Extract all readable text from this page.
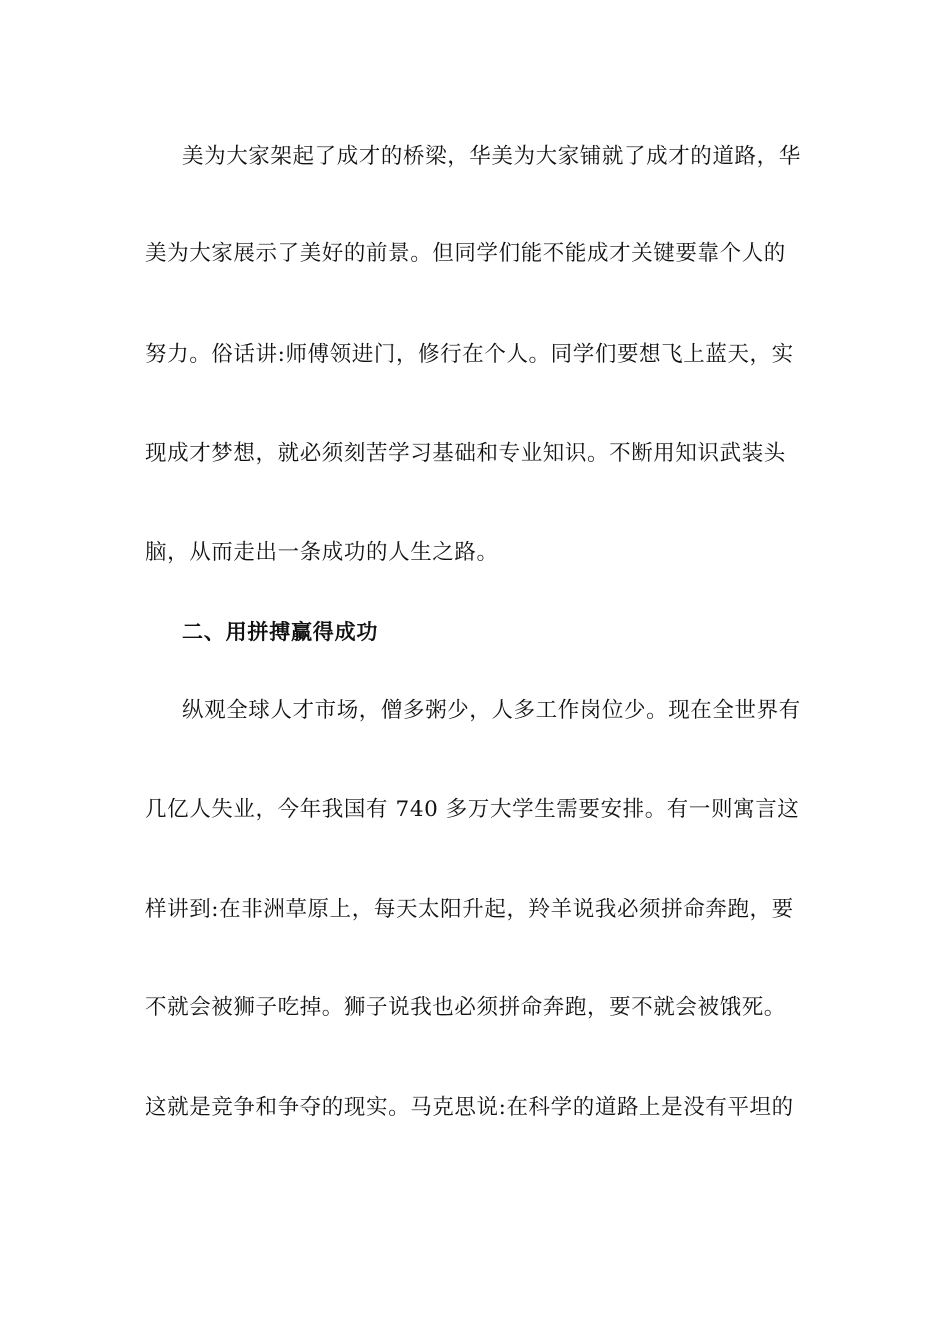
美为大家架起了成才的桥梁，华美为大家铺就了成才的道路，华
美为大家展示了美好的前景。但同学们能不能成才关键要靠个人的
努力。俗话讲:师傅领进门，修行在个人。同学们要想飞上蓝天，实
现成才梦想，就必须刻苦学习基础和专业知识。不断用知识武装头
脑，从而走出一条成功的人生之路。
二、用拼搏赢得成功
纵观全球人才市场，僧多粥少，人多工作岗位少。现在全世界有
几亿人失业，今年我国有 740 多万大学生需要安排。有一则寓言这
样讲到:在非洲草原上，每天太阳升起，羚羊说我必须拼命奔跑，要
不就会被狮子吃掉。狮子说我也必须拼命奔跑，要不就会被饿死。
这就是竞争和争夺的现实。马克思说:在科学的道路上是没有平坦的
